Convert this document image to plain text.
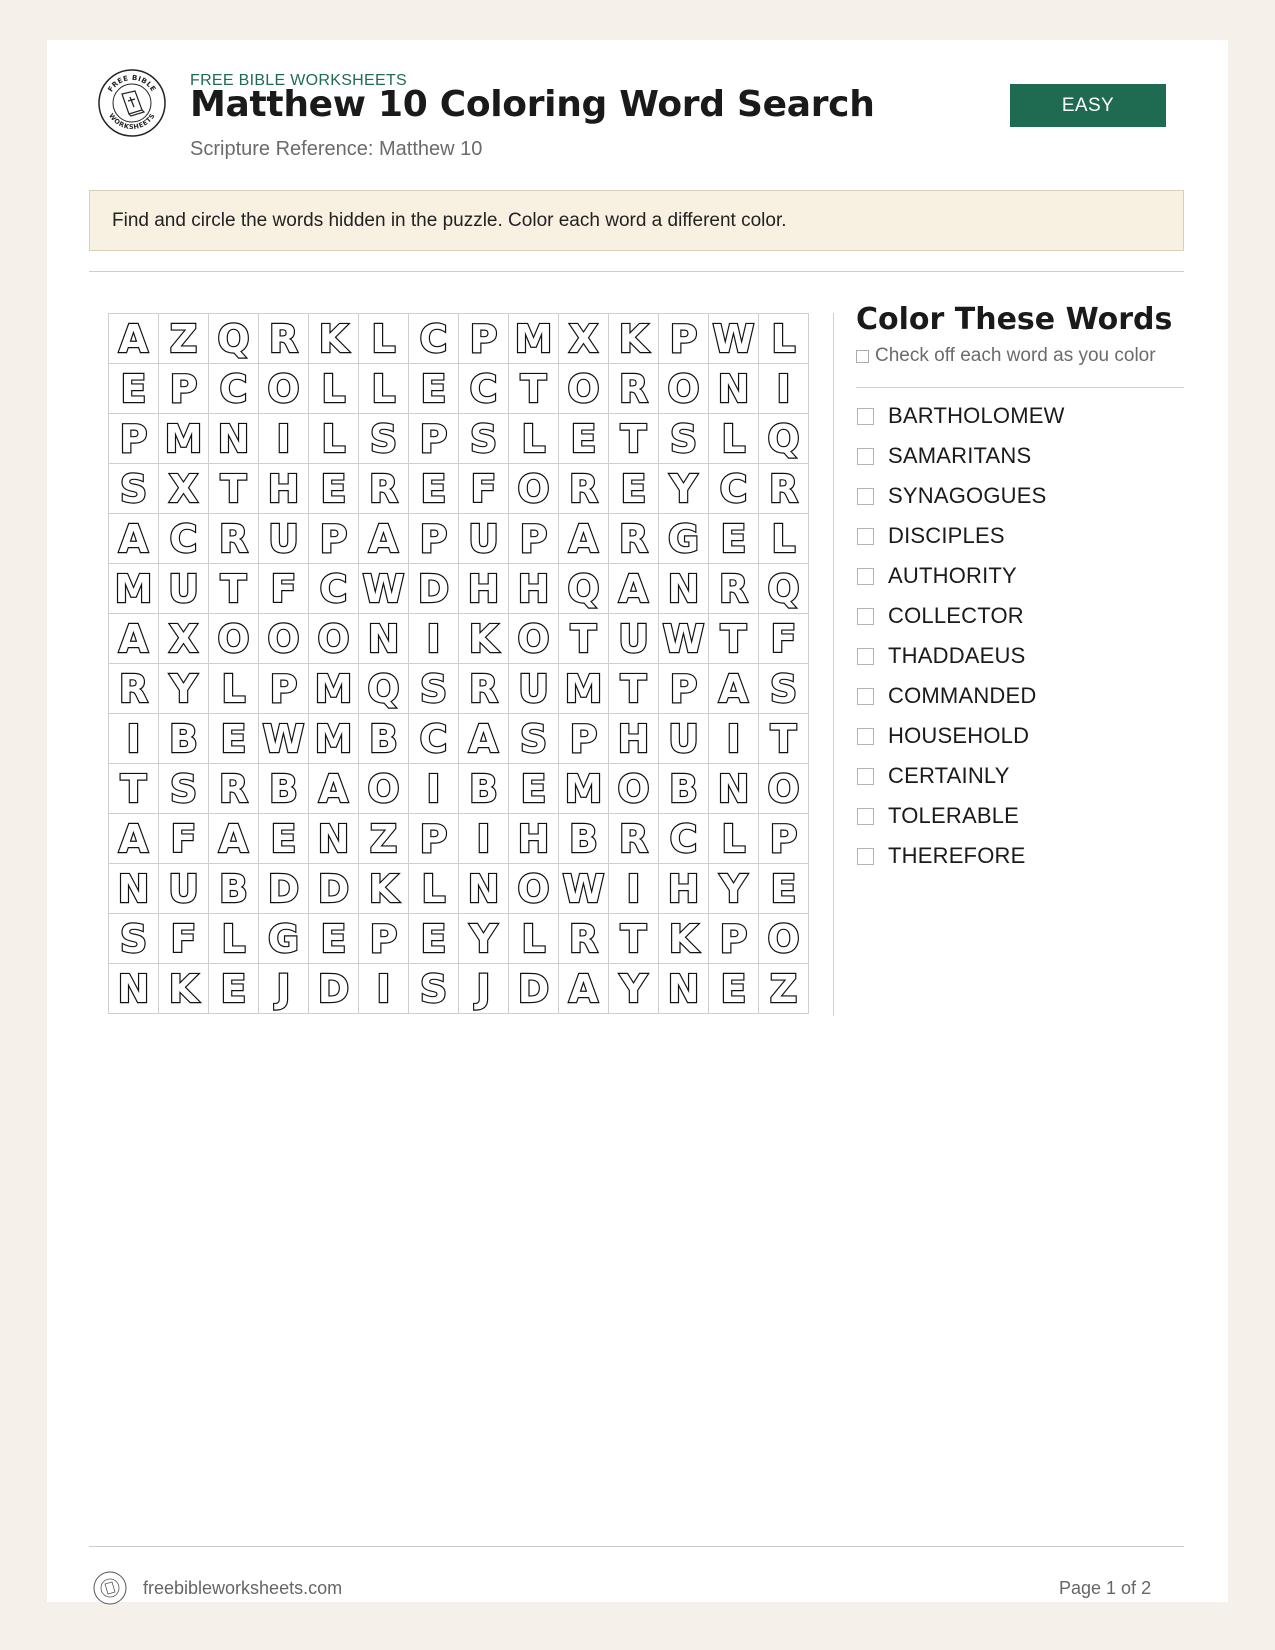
FREE BIBLE
WORKSHEETS
FREE BIBLE WORKSHEETS
Matthew 10 Coloring Word Search
Scripture Reference: Matthew 10
EASY
Find and circle the words hidden in the puzzle. Color each word a different color.
A Z Q R K L C P M X K P W L
E P C O L L E C T O R O N I
P M N I L S P S L E T S L Q
S X T H E R E F O R E Y C R
A C R U P A P U P A R G E L
M U T F C W D H H Q A N R Q
A X O O O N I K O T U W T F
R Y L P M Q S R U M T P A S
I B E W M B C A S P H U I T
T S R B A O I B E M O B N O
A F A E N Z P I H B R C L P
N U B D D K L N O W I H Y E
S F L G E P E Y L R T K P O
N K E J D I S J D A Y N E Z
Color These Words
Check off each word as you color
BARTHOLOMEW
SAMARITANS
SYNAGOGUES
DISCIPLES
AUTHORITY
COLLECTOR
THADDAEUS
COMMANDED
HOUSEHOLD
CERTAINLY
TOLERABLE
THEREFORE
freebibleworksheets.com	Page 1 of 2
